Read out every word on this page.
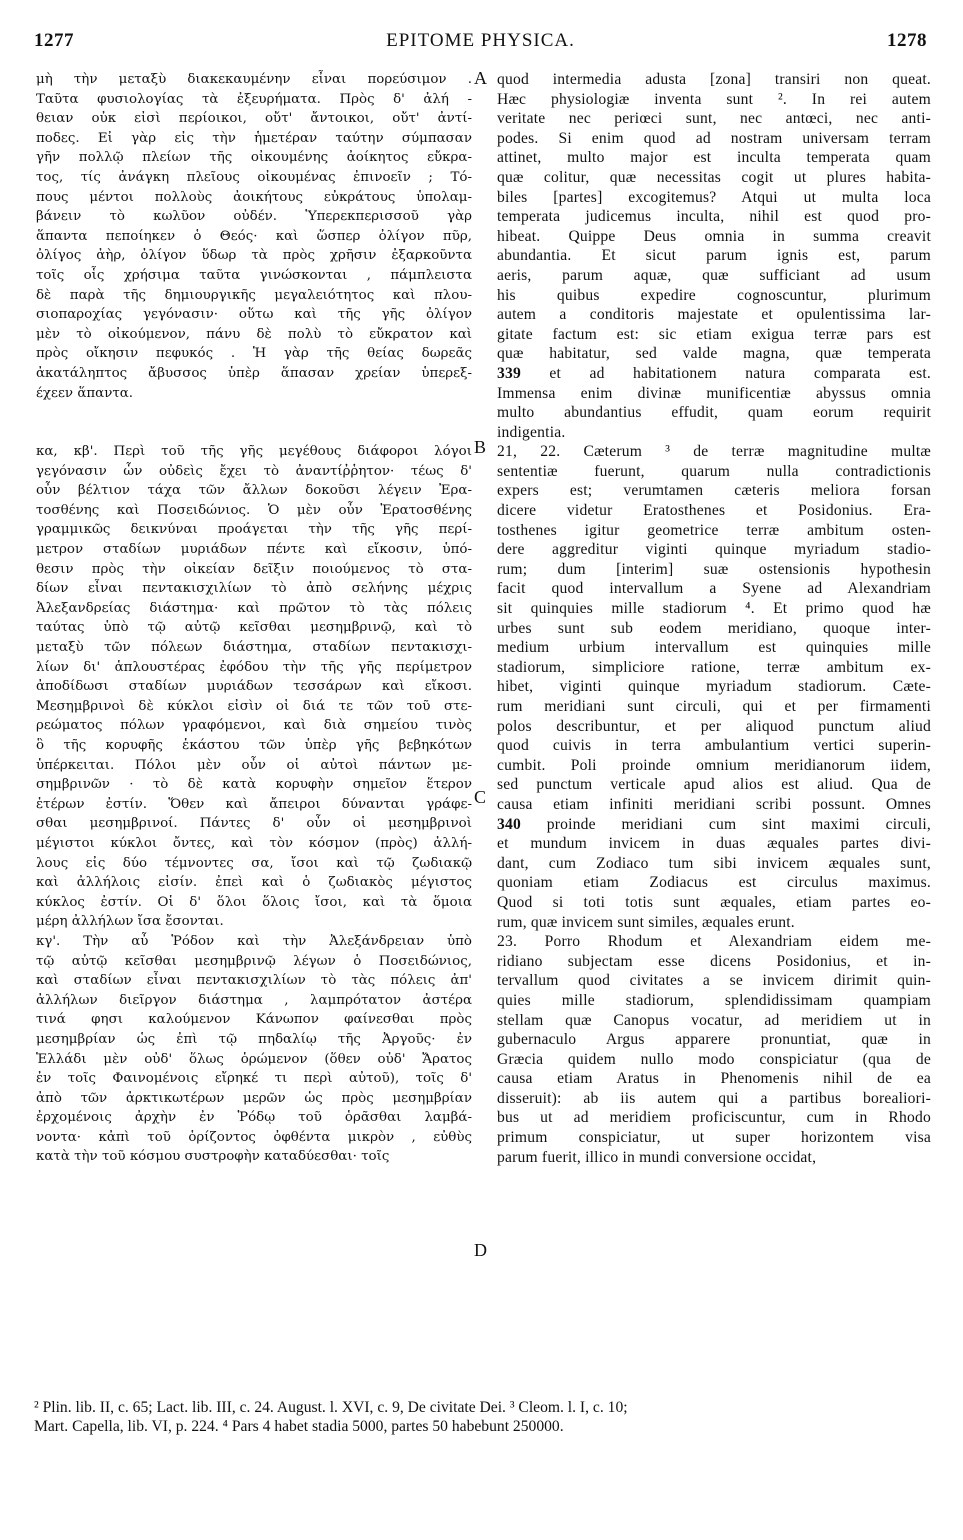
1277	EPITOME PHYSICA.	1278
A
B
C
D
μὴ τὴν μεταξὺ διακεκαυμένην εἶναι πορεύσιμον .
Ταῦτα φυσιολογίας τὰ ἐξευρήματα. Πρὸς δ' ἀλή -
θειαν οὐκ εἰσὶ περίοικοι, οὔτ' ἄντοικοι, οὔτ' ἀντί-
ποδες. Εἰ γὰρ εἰς τὴν ἡμετέραν ταύτην σύμπασαν
γῆν πολλῷ πλείων τῆς οἰκουμένης ἀοίκητος εὔκρα-
τος, τίς ἀνάγκη πλεῖους οἰκουμένας ἐπινοεῖν ; Τό-
πους μέντοι πολλοὺς ἀοικήτους εὐκράτους ὑπολαμ-
βάνειν τὸ κωλῦον οὐδέν. Ὑπερεκπερισσοῦ γὰρ
ἅπαντα πεποίηκεν ὁ Θεός· καὶ ὥσπερ ὀλίγον πῦρ,
ὀλίγος ἀὴρ, ὀλίγον ὕδωρ τὰ πρὸς χρῆσιν ἐξαρκοῦντα
τοῖς οἷς χρήσιμα ταῦτα γινώσκονται , πάμπλειστα
δὲ παρὰ τῆς δημιουργικῆς μεγαλειότητος καὶ πλου-
σιοπαροχίας γεγόνασιν· οὕτω καὶ τῆς γῆς ὀλίγον
μὲν τὸ οἰκούμενον, πάνυ δὲ πολὺ τὸ εὔκρατον καὶ
πρὸς οἴκησιν πεφυκός . Ἡ γὰρ τῆς θείας δωρεᾶς
ἀκατάληπτος ἄβυσσος ὑπὲρ ἅπασαν χρείαν ὑπερεξ-
έχεεν ἅπαντα.
κα, κβ'. Περὶ τοῦ τῆς γῆς μεγέθους διάφοροι λόγοι
γεγόνασιν ὧν οὐδεὶς ἔχει τὸ ἀναντίῤῥητον· τέως δ'
οὖν βέλτιον τάχα τῶν ἄλλων δοκοῦσι λέγειν Ἐρα-
τοσθένης καὶ Ποσειδώνιος. Ὁ μὲν οὖν Ἐρατοσθένης
γραμμικῶς δεικνύναι προάγεται τὴν τῆς γῆς περί-
μετρον σταδίων μυριάδων πέντε καὶ εἴκοσιν, ὑπό-
θεσιν πρὸς τὴν οἰκείαν δεῖξιν ποιούμενος τὸ στα-
δίων εἶναι πεντακισχιλίων τὸ ἀπὸ σελήνης μέχρις
Ἀλεξανδρείας διάστημα· καὶ πρῶτον τὸ τὰς πόλεις
ταύτας ὑπὸ τῷ αὐτῷ κεῖσθαι μεσημβρινῷ, καὶ τὸ
μεταξὺ τῶν πόλεων διάστημα, σταδίων πεντακισχι-
λίων δι' ἁπλουστέρας ἐφόδου τὴν τῆς γῆς περίμετρον
ἀποδίδωσι σταδίων μυριάδων τεσσάρων καὶ εἴκοσι.
Μεσημβρινοὶ δὲ κύκλοι εἰσὶν οἱ διά τε τῶν τοῦ στε-
ρεώματος πόλων γραφόμενοι, καὶ διὰ σημείου τινὸς
ὃ τῆς κορυφῆς ἑκάστου τῶν ὑπὲρ γῆς βεβηκότων
ὑπέρκειται. Πόλοι μὲν οὖν οἱ αὐτοὶ πάντων με-
σημβρινῶν · τὸ δὲ κατὰ κορυφὴν σημεῖον ἕτερον
ἑτέρων ἐστίν. Ὅθεν καὶ ἄπειροι δύνανται γράφε-
σθαι μεσημβρινοί. Πάντες δ' οὖν οἱ μεσημβρινοὶ
μέγιστοι κύκλοι ὄντες, καὶ τὸν κόσμον (πρὸς) ἀλλή-
λους εἰς δύο τέμνοντες σα, ἴσοι καὶ τῷ ζωδιακῷ
καὶ ἀλλήλοις εἰσίν. ἐπεὶ καὶ ὁ ζωδιακὸς μέγιστος
κύκλος ἐστίν. Οἱ δ' ὅλοι ὅλοις ἴσοι, καὶ τὰ ὅμοια
μέρη ἀλλήλων ἴσα ἔσονται.
κγ'. Τὴν αὖ Ῥόδον καὶ τὴν Ἀλεξάνδρειαν ὑπὸ
τῷ αὐτῷ κεῖσθαι μεσημβρινῷ λέγων ὁ Ποσειδώνιος,
καὶ σταδίων εἶναι πεντακισχιλίων τὸ τὰς πόλεις ἀπ'
ἀλλήλων διεῖργον διάστημα , λαμπρότατον ἀστέρα
τινά φησι καλούμενον Κάνωπον φαίνεσθαι πρὸς
μεσημβρίαν ὡς ἐπὶ τῷ πηδαλίῳ τῆς Ἀργοῦς· ἐν
Ἑλλάδι μὲν οὐδ' ὅλως ὁρώμενον (ὅθεν οὐδ' Ἄρατος
ἐν τοῖς Φαινομένοις εἴρηκέ τι περὶ αὐτοῦ), τοῖς δ'
ἀπὸ τῶν ἀρκτικωτέρων μερῶν ὡς πρὸς μεσημβρίαν
ἐρχομένοις ἀρχὴν ἐν Ῥόδῳ τοῦ ὁρᾶσθαι λαμβά-
νοντα· κἀπὶ τοῦ ὁρίζοντος ὀφθέντα μικρὸν , εὐθὺς
κατὰ τὴν τοῦ κόσμου συστροφὴν καταδύεσθαι· τοῖς
quod intermedia adusta [zona] transiri non queat.
Hæc physiologiæ inventa sunt ². In rei autem
veritate nec periœci sunt, nec antœci, nec anti-
podes. Si enim quod ad nostram universam terram
attinet, multo major est inculta temperata quam
quæ colitur, quæ necessitas cogit ut plures habita-
biles [partes] excogitemus? Atqui ut multa loca
temperata judicemus inculta, nihil est quod pro-
hibeat. Quippe Deus omnia in summa creavit
abundantia. Et sicut parum ignis est, parum
aeris, parum aquæ, quæ sufficiant ad usum
his quibus expedire cognoscuntur, plurimum
autem a conditoris majestate et opulentissima lar-
gitate factum est: sic etiam exigua terræ pars est
quæ habitatur, sed valde magna, quæ temperata
339 et ad habitationem natura comparata est.
Immensa enim divinæ munificentiæ abyssus omnia
multo abundantius effudit, quam eorum requirit
indigentia.
21, 22. Cæterum ³ de terræ magnitudine multæ
sententiæ fuerunt, quarum nulla contradictionis
expers est; verumtamen cæteris meliora forsan
dicere videtur Eratosthenes et Posidonius. Era-
tosthenes igitur geometrice terræ ambitum osten-
dere aggreditur viginti quinque myriadum stadio-
rum; dum [interim] suæ ostensionis hypothesin
facit quod intervallum a Syene ad Alexandriam
sit quinquies mille stadiorum ⁴. Et primo quod hæ
urbes sunt sub eodem meridiano, quoque inter-
medium urbium intervallum est quinquies mille
stadiorum, simpliciore ratione, terræ ambitum ex-
hibet, viginti quinque myriadum stadiorum. Cæte-
rum meridiani sunt circuli, qui et per firmamenti
polos describuntur, et per aliquod punctum aliud
quod cuivis in terra ambulantium vertici superin-
cumbit. Poli proinde omnium meridianorum iidem,
sed punctum verticale apud alios est aliud. Qua de
causa etiam infiniti meridiani scribi possunt. Omnes
340 proinde meridiani cum sint maximi circuli,
et mundum invicem in duas æquales partes divi-
dant, cum Zodiaco tum sibi invicem æquales sunt,
quoniam etiam Zodiacus est circulus maximus.
Quod si toti totis sunt æquales, etiam partes eo-
rum, quæ invicem sunt similes, æquales erunt.
23. Porro Rhodum et Alexandriam eidem me-
ridiano subjectam esse dicens Posidonius, et in-
tervallum quod civitates a se invicem dirimit quin-
quies mille stadiorum, splendidissimam quampiam
stellam quæ Canopus vocatur, ad meridiem ut in
gubernaculo Argus apparere pronuntiat, quæ in
Græcia quidem nullo modo conspiciatur (qua de
causa etiam Aratus in Phenomenis nihil de ea
disseruit): ab iis autem qui a partibus borealiori-
bus ut ad meridiem proficiscuntur, cum in Rhodo
primum conspiciatur, ut super horizontem visa
parum fuerit, illico in mundi conversione occidat,
² Plin. lib. II, c. 65; Lact. lib. III, c. 24. August. l. XVI, c. 9, De civitate Dei. ³ Cleom. l. I, c. 10;
Mart. Capella, lib. VI, p. 224. ⁴ Pars 4 habet stadia 5000, partes 50 habebunt 250000.
